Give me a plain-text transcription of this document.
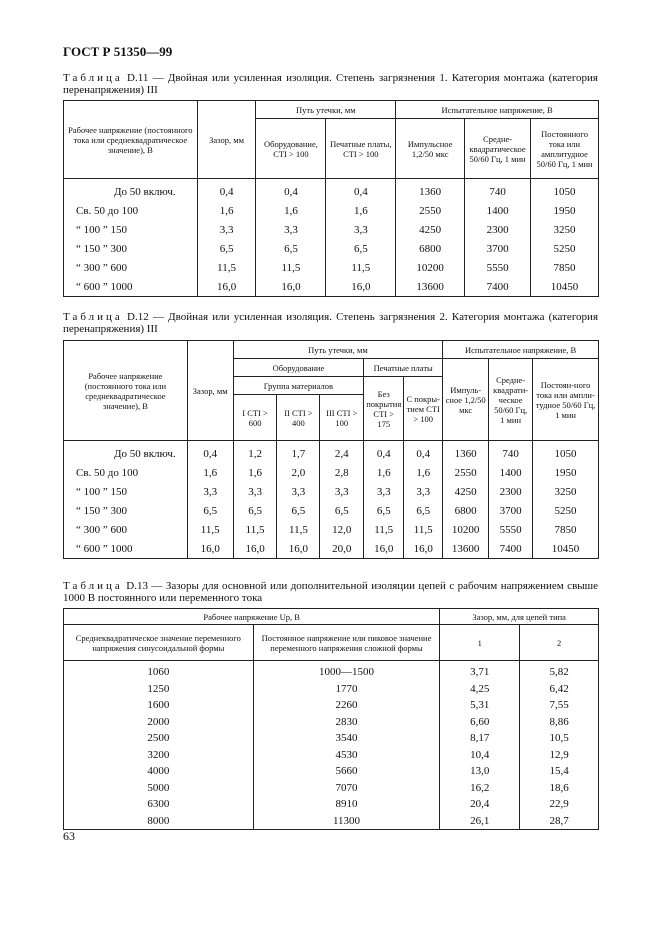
ГОСТ Р 51350—99
Таблица D.11 — Двойная или усиленная изоляция. Степень загрязнения 1. Категория монтажа (категория перенапряжения) III
Рабочее напряжение (постоянного тока или среднеквадратическое значение), В	Зазор, мм	Путь утечки, мм		Испытательное напряжение, В		
		Оборудование, CTI > 100	Печатные платы, CTI > 100	Импульсное 1,2/50 мкс	Средне-квадратическое 50/60 Гц, 1 мин	Постоянного тока или амплитудное 50/60 Гц, 1 мин
До 50 включ.	0,4	0,4	0,4	1360	740	1050
Св. 50 до 100	1,6	1,6	1,6	2550	1400	1950
“ 100 ” 150	3,3	3,3	3,3	4250	2300	3250
“ 150 ” 300	6,5	6,5	6,5	6800	3700	5250
“ 300 ” 600	11,5	11,5	11,5	10200	5550	7850
“ 600 ” 1000	16,0	16,0	16,0	13600	7400	10450
Таблица D.12 — Двойная или усиленная изоляция. Степень загрязнения 2. Категория монтажа (категория перенапряжения) III
Рабочее напряжение (постоянного тока или среднеквадратическое значение), В	Зазор, мм	Путь утечки, мм					Испытательное напряжение, В		
		Оборудование			Печатные платы		Импуль-сное 1,2/50 мкс	Средне-квадрати-ческое 50/60 Гц, 1 мин	Постоян-ного тока или ампли-тудное 50/60 Гц, 1 мин
		Группа материалов			Без покрытия CTI > 175	С покры-тием CTI > 100			
		I CTI > 600	II CTI > 400	III CTI > 100					
До 50 включ.	0,4	1,2	1,7	2,4	0,4	0,4	1360	740	1050
Св. 50 до 100	1,6	1,6	2,0	2,8	1,6	1,6	2550	1400	1950
“ 100 ” 150	3,3	3,3	3,3	3,3	3,3	3,3	4250	2300	3250
“ 150 ” 300	6,5	6,5	6,5	6,5	6,5	6,5	6800	3700	5250
“ 300 ” 600	11,5	11,5	11,5	12,0	11,5	11,5	10200	5550	7850
“ 600 ” 1000	16,0	16,0	16,0	20,0	16,0	16,0	13600	7400	10450
Таблица D.13 — Зазоры для основной или дополнительной изоляции цепей с рабочим напряжением свыше 1000 В постоянного или переменного тока
Рабочее напряжение Uр, В		Зазор, мм, для цепей типа	
Среднеквадратическое значение переменного напряжения синусоидальной формы	Постоянное напряжение или пиковое значение переменного напряжения сложной формы	1	2
1060	1000—1500	3,71	5,82
1250	1770	4,25	6,42
1600	2260	5,31	7,55
2000	2830	6,60	8,86
2500	3540	8,17	10,5
3200	4530	10,4	12,9
4000	5660	13,0	15,4
5000	7070	16,2	18,6
6300	8910	20,4	22,9
8000	11300	26,1	28,7
63
